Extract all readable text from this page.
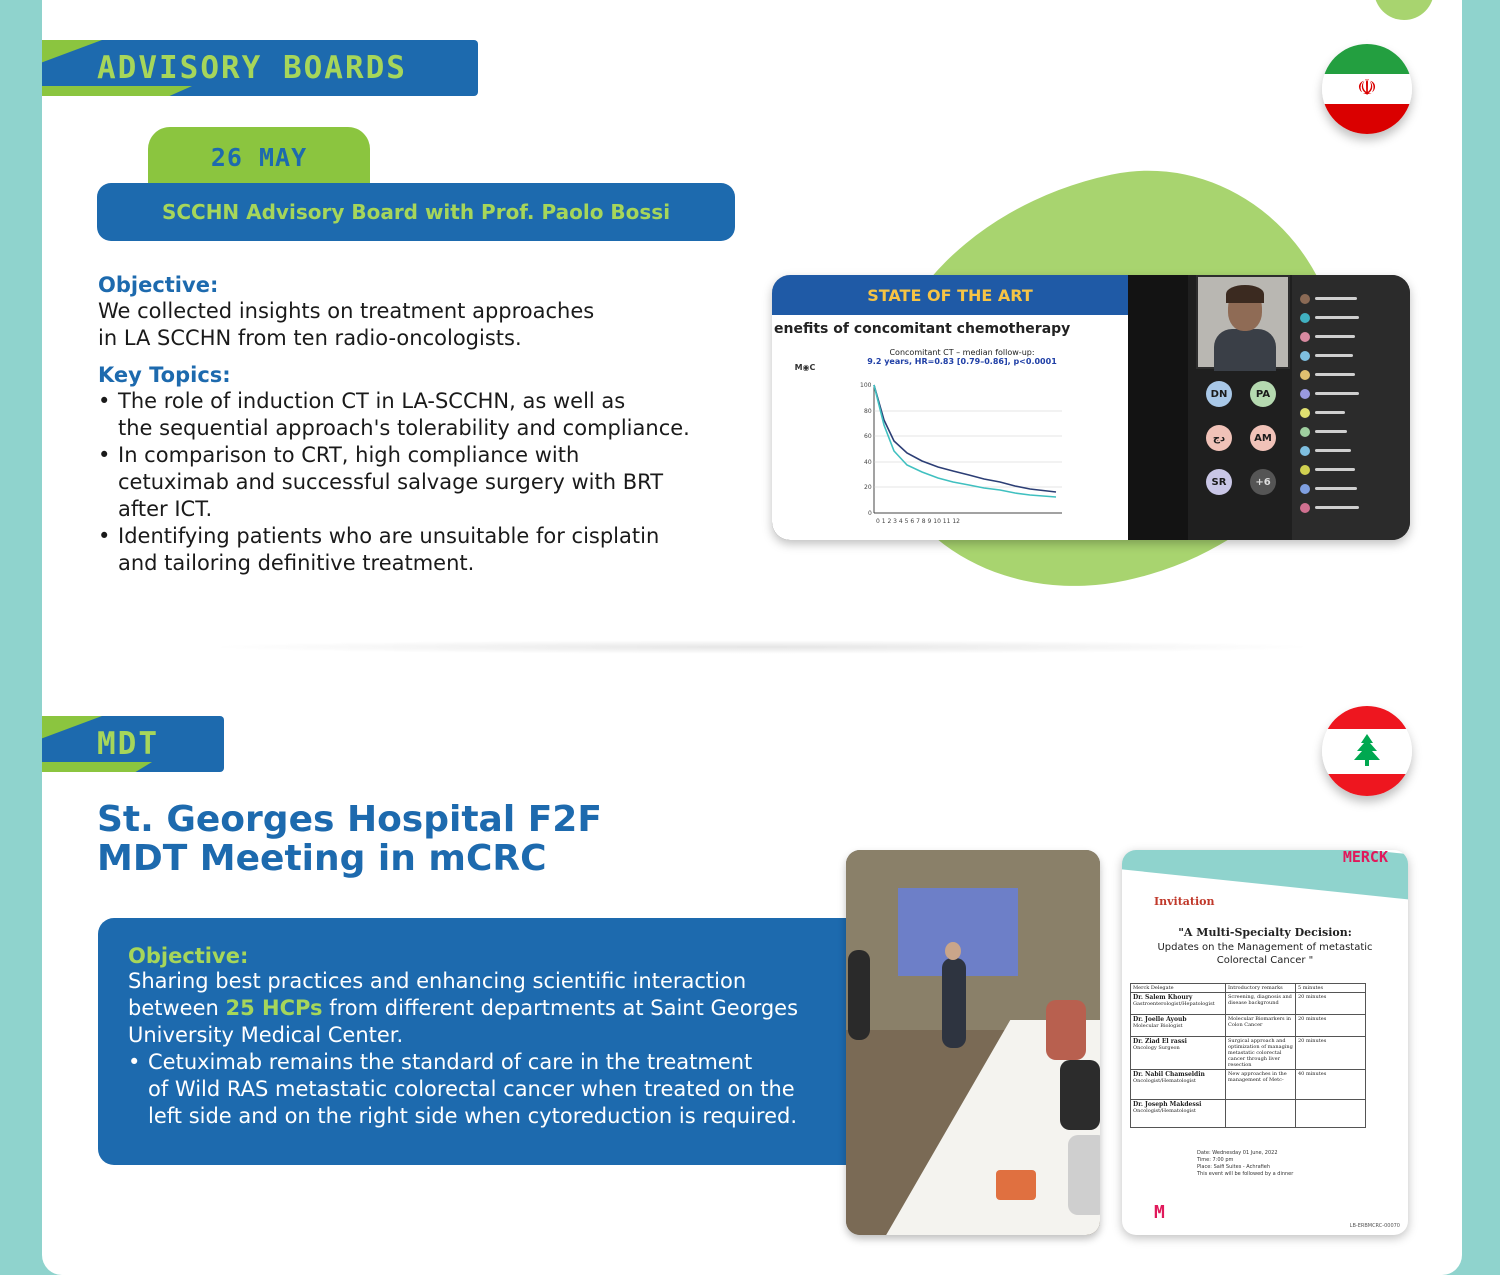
ADVISORY BOARDS
☫
26 MAY
SCCHN Advisory Board with Prof. Paolo Bossi
Objective:
We collected insights on treatment approaches
in LA SCCHN from ten radio-oncologists.
Key Topics:
• The role of induction CT in LA-SCCHN, as well as
the sequential approach's tolerability and compliance.
• In comparison to CRT, high compliance with
cetuximab and successful salvage surgery with BRT
after ICT.
• Identifying patients who are unsuitable for cisplatin
and tailoring definitive treatment.
STATE OF THE ART
enefits of concomitant chemotherapy
M◉C
Concomitant CT – median follow-up:
9.2 years, HR=0.83 [0.79–0.86], p<0.0001
100
80
60
40
20
0
0 1 2 3 4 5 6 7 8 9 10 11 12
DN	PA
دج	AM
SR	+6
MDT
St. Georges Hospital F2F
MDT Meeting in mCRC
Objective:
Sharing best practices and enhancing scientific interaction
between 25 HCPs from different departments at Saint Georges
University Medical Center.
• Cetuximab remains the standard of care in the treatment
of Wild RAS metastatic colorectal cancer when treated on the
left side and on the right side when cytoreduction is required.
MERCK
Invitation
"A Multi-Specialty Decision:
Updates on the Management of metastatic
Colorectal Cancer "
Merck Delegate	Introductory remarks	5 minutes
Dr. Salem Khoury
Gastroenterologist/Hepatologist	Screening, diagnosis and disease background	20 minutes
Dr. Joelle Ayoub
Molecular Biologist	Molecular Biomarkers in Colon Cancer	20 minutes
Dr. Ziad El rassi
Oncology Surgeon	Surgical approach and optimization of managing metastatic colorectal cancer through liver resection	20 minutes
Dr. Nabil Chamseldin
Oncologist/Hematologist	New approaches in the management of Metc-	40 minutes
Dr. Joseph Makdessi
Oncologist/Hematologist		
Date: Wednesday 01 June, 2022
Time: 7:00 pm
Place: Saifi Suites - Achrafieh
This event will be followed by a dinner
M
LB-ERBMCRC-00070
